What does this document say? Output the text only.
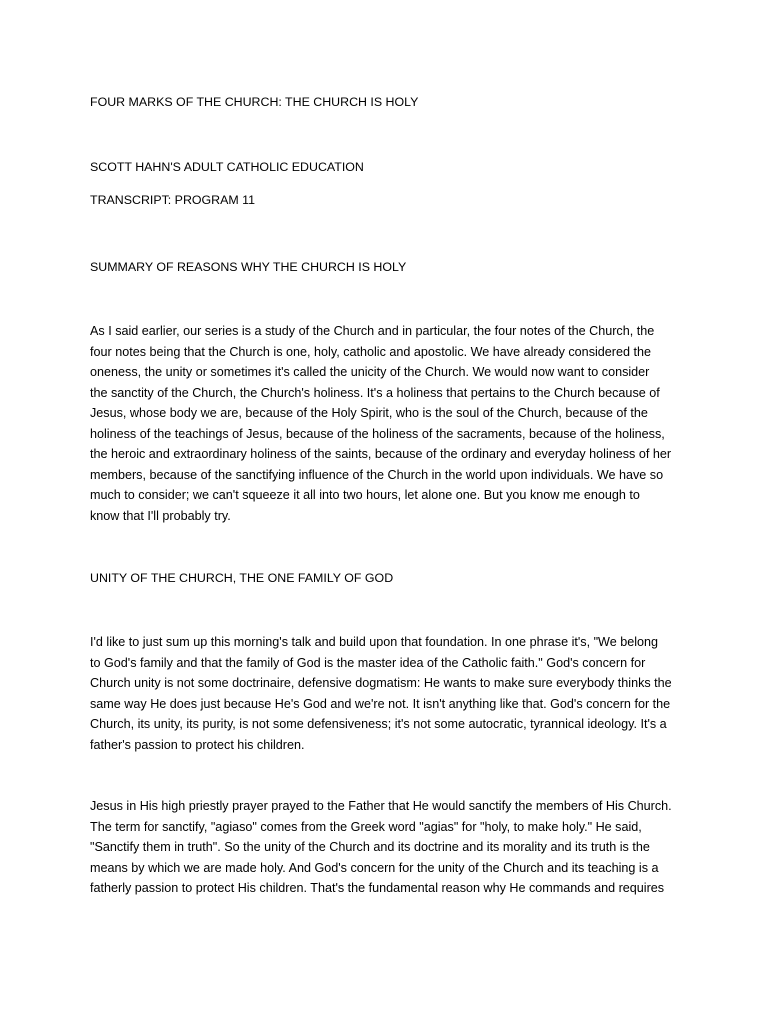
FOUR MARKS OF THE CHURCH: THE CHURCH IS HOLY

SCOTT HAHN'S ADULT CATHOLIC EDUCATION

TRANSCRIPT: PROGRAM 11

SUMMARY OF REASONS WHY THE CHURCH IS HOLY

As I said earlier, our series is a study of the Church and in particular, the four notes of the Church, the
four notes being that the Church is one, holy, catholic and apostolic. We have already considered the
oneness, the unity or sometimes it's called the unicity of the Church. We would now want to consider
the sanctity of the Church, the Church's holiness. It's a holiness that pertains to the Church because of
Jesus, whose body we are, because of the Holy Spirit, who is the soul of the Church, because of the
holiness of the teachings of Jesus, because of the holiness of the sacraments, because of the holiness,
the heroic and extraordinary holiness of the saints, because of the ordinary and everyday holiness of her
members, because of the sanctifying influence of the Church in the world upon individuals. We have so
much to consider; we can't squeeze it all into two hours, let alone one. But you know me enough to
know that I'll probably try.

UNITY OF THE CHURCH, THE ONE FAMILY OF GOD

I'd like to just sum up this morning's talk and build upon that foundation. In one phrase it's, "We belong
to God's family and that the family of God is the master idea of the Catholic faith." God's concern for
Church unity is not some doctrinaire, defensive dogmatism: He wants to make sure everybody thinks the
same way He does just because He's God and we're not. It isn't anything like that. God's concern for the
Church, its unity, its purity, is not some defensiveness; it's not some autocratic, tyrannical ideology. It's a
father's passion to protect his children.
Jesus in His high priestly prayer prayed to the Father that He would sanctify the members of His Church.
The term for sanctify, "agiaso" comes from the Greek word "agias" for "holy, to make holy." He said,
"Sanctify them in truth". So the unity of the Church and its doctrine and its morality and its truth is the
means by which we are made holy. And God's concern for the unity of the Church and its teaching is a
fatherly passion to protect His children. That's the fundamental reason why He commands and requires
